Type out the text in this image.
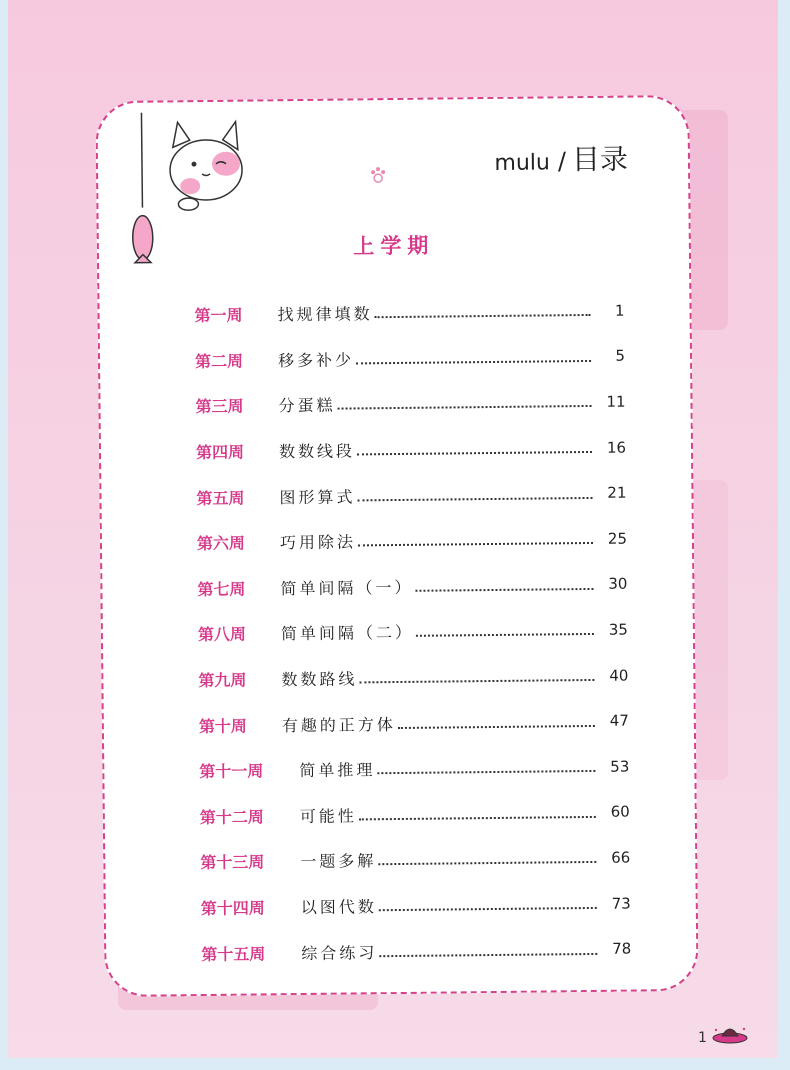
mulu / 目录
上学期
第一周	找规律填数	1
第二周	移多补少	5
第三周	分蛋糕	11
第四周	数数线段	16
第五周	图形算式	21
第六周	巧用除法	25
第七周	简单间隔（一）	30
第八周	简单间隔（二）	35
第九周	数数路线	40
第十周	有趣的正方体	47
第十一周	简单推理	53
第十二周	可能性	60
第十三周	一题多解	66
第十四周	以图代数	73
第十五周	综合练习	78
1
